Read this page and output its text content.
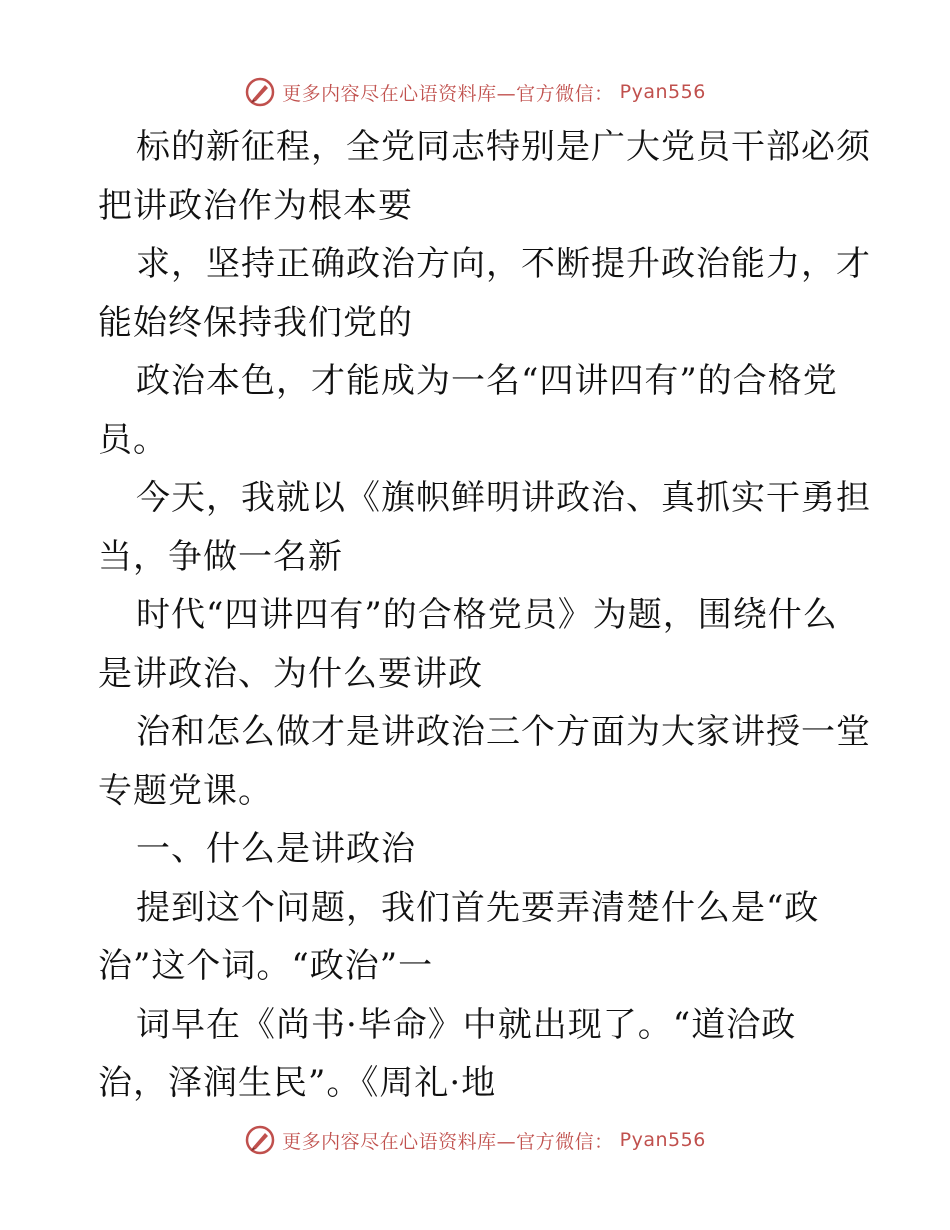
更多内容尽在心语资料库—官方微信： Pyan556
标的新征程，全党同志特别是广大党员干部必须
把讲政治作为根本要
求，坚持正确政治方向，不断提升政治能力，才
能始终保持我们党的
政治本色，才能成为一名“四讲四有”的合格党
员。
今天，我就以《旗帜鲜明讲政治、真抓实干勇担
当，争做一名新
时代“四讲四有”的合格党员》为题，围绕什么
是讲政治、为什么要讲政
治和怎么做才是讲政治三个方面为大家讲授一堂
专题党课。
一、什么是讲政治
提到这个问题，我们首先要弄清楚什么是“政
治”这个词。“政治”一
词早在《尚书·毕命》中就出现了。“道洽政
治，泽润生民”。《周礼·地
更多内容尽在心语资料库—官方微信： Pyan556
